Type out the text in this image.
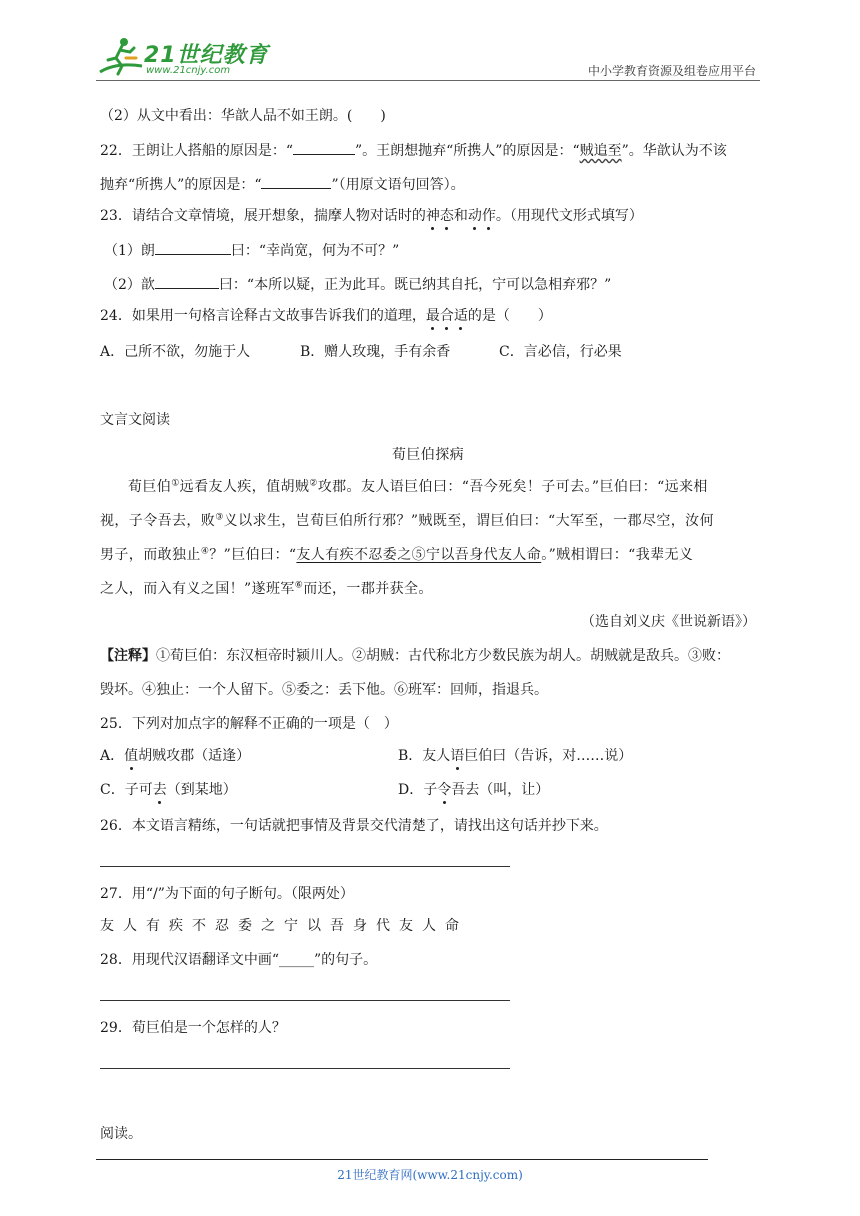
21世纪教育
www.21cnjy.com	中小学教育资源及组卷应用平台
（2）从文中看出：华歆人品不如王朗。(　　)
22．王朗让人搭船的原因是：“	”。王朗想抛弃“所携人”的原因是：“贼追至”。华歆认为不该
抛弃“所携人”的原因是：“	”（用原文语句回答）。
23．请结合文章情境，展开想象，揣摩人物对话时的神态和动作。（用现代文形式填写）
（1）朗	曰：“幸尚宽，何为不可？”
（2）歆	曰：“本所以疑，正为此耳。既已纳其自托，宁可以急相弃邪？”
24．如果用一句格言诠释古文故事告诉我们的道理，最合适的是（　　）
A．己所不欲，勿施于人	B．赠人玫瑰，手有余香	C．言必信，行必果
文言文阅读
荀巨伯探病
荀巨伯①远看友人疾，值胡贼②攻郡。友人语巨伯曰：“吾今死矣！子可去。”巨伯曰：“远来相
视，子令吾去，败③义以求生，岂荀巨伯所行邪？”贼既至，谓巨伯曰：“大军至，一郡尽空，汝何
男子，而敢独止④？”巨伯曰：“友人有疾不忍委之⑤宁以吾身代友人命。”贼相谓曰：“我辈无义
之人，而入有义之国！”遂班军⑥而还，一郡并获全。
（选自刘义庆《世说新语》）
【注释】①荀巨伯：东汉桓帝时颍川人。②胡贼：古代称北方少数民族为胡人。胡贼就是敌兵。③败：
毁坏。④独止：一个人留下。⑤委之：丢下他。⑥班军：回师，指退兵。
25．下列对加点字的解释不正确的一项是（　）
A．值胡贼攻郡（适逢）	B．友人语巨伯曰（告诉，对……说）
C．子可去（到某地）	D．子令吾去（叫，让）
26．本文语言精练，一句话就把事情及背景交代清楚了，请找出这句话并抄下来。
27．用“/”为下面的句子断句。（限两处）
友 人 有 疾 不 忍 委 之 宁 以 吾 身 代 友 人 命
28．用现代汉语翻译文中画“_____”的句子。
29．荀巨伯是一个怎样的人？
阅读。
21世纪教育网(www.21cnjy.com)
